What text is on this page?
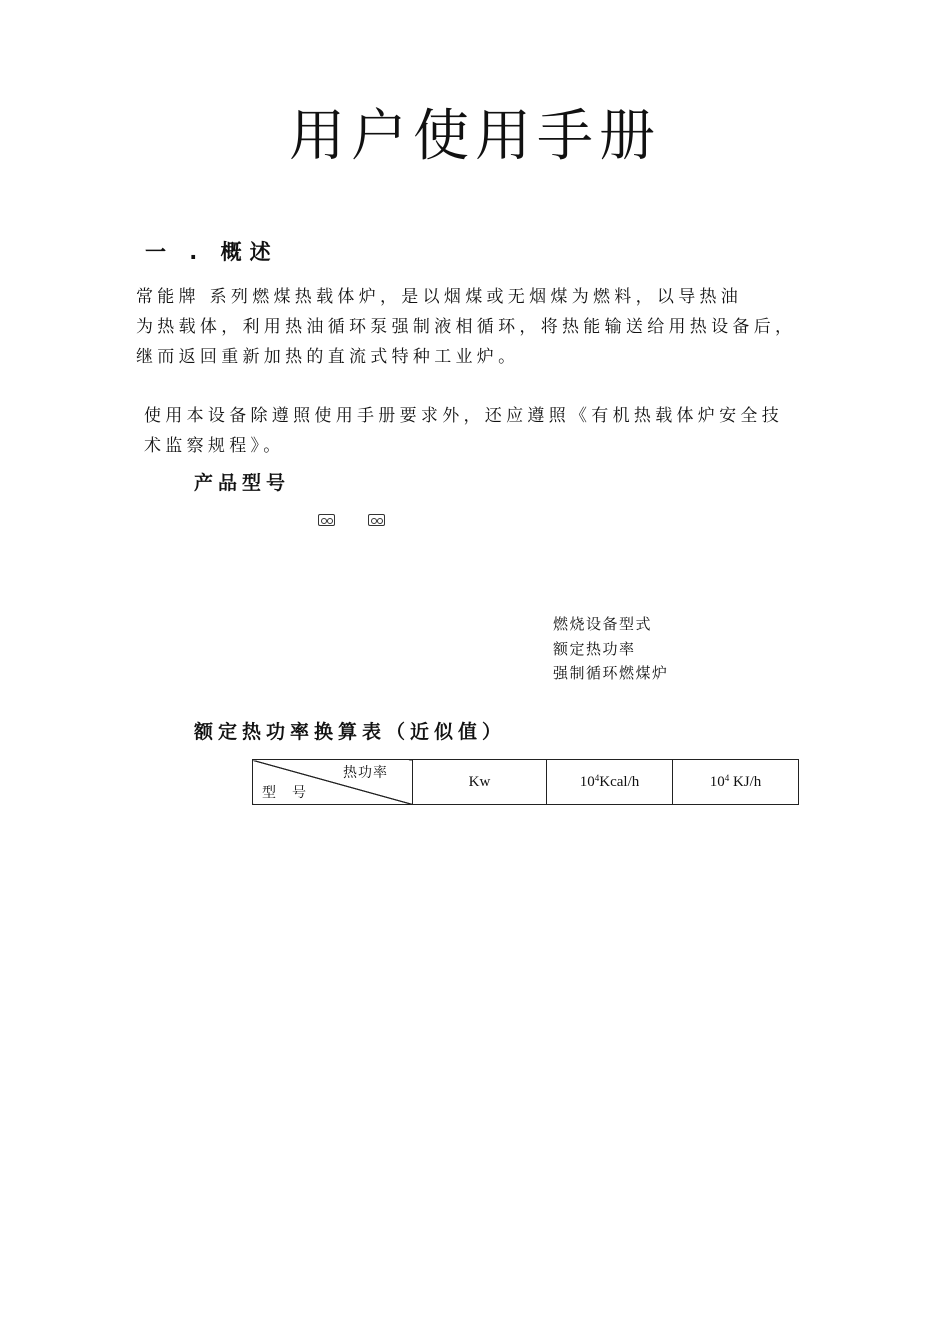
用户使用手册
一 . 概述
常能牌 系列燃煤热载体炉，是以烟煤或无烟煤为燃料，以导热油
为热载体，利用热油循环泵强制液相循环，将热能输送给用热设备后，
继而返回重新加热的直流式特种工业炉。
使用本设备除遵照使用手册要求外，还应遵照《有机热载体炉安全技
术监察规程》。
产品型号
燃烧设备型式
额定热功率
强制循环燃煤炉
额定热功率换算表（近似值）
热功率
型号
	Kw	$10^4Kcal/h$	$10^4$ KJ/h
